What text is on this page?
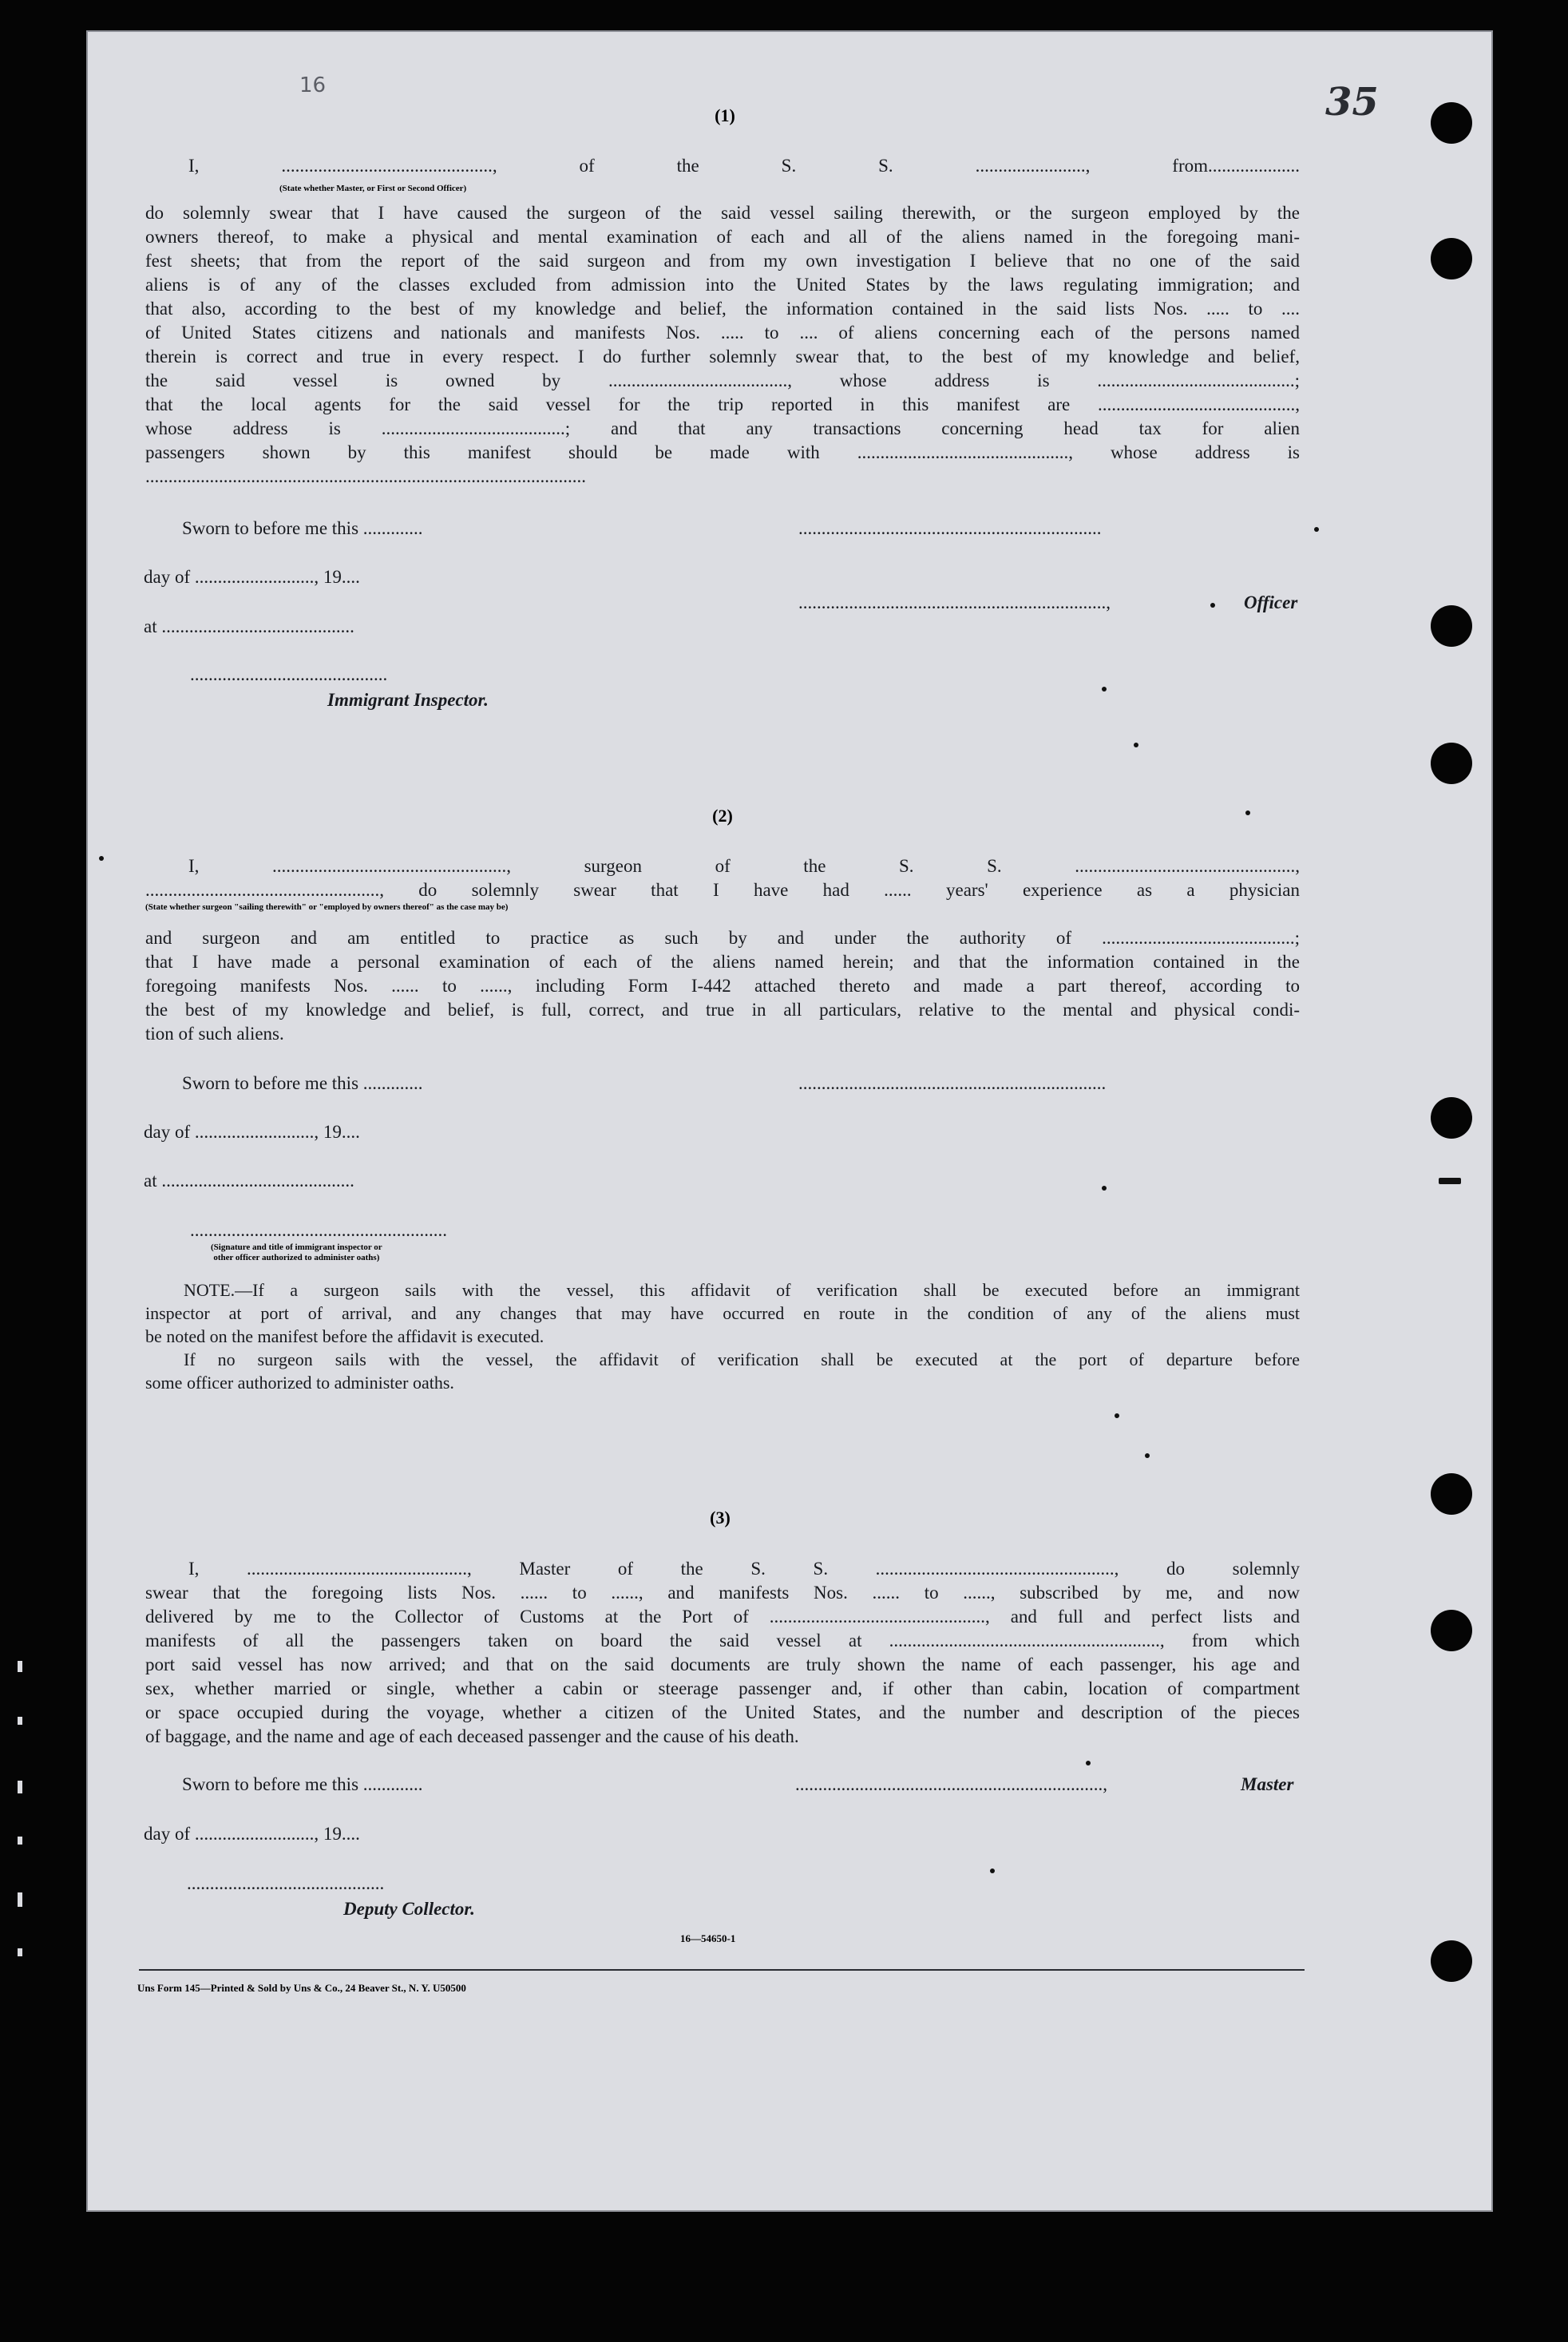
35
16
(1)
I, .............................................., of the S. S. ........................, from....................
(State whether Master, or First or Second Officer)
do solemnly swear that I have caused the surgeon of the said vessel sailing therewith, or the surgeon employed by the
owners thereof, to make a physical and mental examination of each and all of the aliens named in the foregoing mani-
fest sheets; that from the report of the said surgeon and from my own investigation I believe that no one of the said
aliens is of any of the classes excluded from admission into the United States by the laws regulating immigration; and
that also, according to the best of my knowledge and belief, the information contained in the said lists Nos. ..... to ....
of United States citizens and nationals and manifests Nos. ..... to .... of aliens concerning each of the persons named
therein is correct and true in every respect. I do further solemnly swear that, to the best of my knowledge and belief,
the said vessel is owned by ......................................., whose address is ...........................................;
that the local agents for the said vessel for the trip reported in this manifest are ...........................................,
whose address is ........................................; and that any transactions concerning head tax for alien
passengers shown by this manifest should be made with .............................................., whose address is
................................................................................................
Sworn to before me this .............	..................................................................
day of .........................., 19....
...................................................................,	Officer
at ..........................................
...........................................
Immigrant Inspector.
(2)
I, ..................................................., surgeon of the S. S. ................................................,
..................................................., do solemnly swear that I have had ...... years' experience as a physician
(State whether surgeon "sailing therewith" or "employed by owners thereof" as the case may be)
and surgeon and am entitled to practice as such by and under the authority of ..........................................;
that I have made a personal examination of each of the aliens named herein; and that the information contained in the
foregoing manifests Nos. ...... to ......, including Form I-442 attached thereto and made a part thereof, according to
the best of my knowledge and belief, is full, correct, and true in all particulars, relative to the mental and physical condi-
tion of such aliens.
Sworn to before me this .............	...................................................................
day of .........................., 19....
at ..........................................
........................................................
(Signature and title of immigrant inspector or
other officer authorized to administer oaths)
NOTE.—If a surgeon sails with the vessel, this affidavit of verification shall be executed before an immigrant
inspector at port of arrival, and any changes that may have occurred en route in the condition of any of the aliens must
be noted on the manifest before the affidavit is executed.
If no surgeon sails with the vessel, the affidavit of verification shall be executed at the port of departure before
some officer authorized to administer oaths.
(3)
I, ................................................, Master of the S. S. ...................................................., do solemnly
swear that the foregoing lists Nos. ...... to ......, and manifests Nos. ...... to ......, subscribed by me, and now
delivered by me to the Collector of Customs at the Port of ..............................................., and full and perfect lists and
manifests of all the passengers taken on board the said vessel at ..........................................................., from which
port said vessel has now arrived; and that on the said documents are truly shown the name of each passenger, his age and
sex, whether married or single, whether a cabin or steerage passenger and, if other than cabin, location of compartment
or space occupied during the voyage, whether a citizen of the United States, and the number and description of the pieces
of baggage, and the name and age of each deceased passenger and the cause of his death.
Sworn to before me this .............	...................................................................,	Master
day of .........................., 19....
...........................................
Deputy Collector.
16—54650-1
Uns Form 145—Printed & Sold by Uns & Co., 24 Beaver St., N. Y. U50500
